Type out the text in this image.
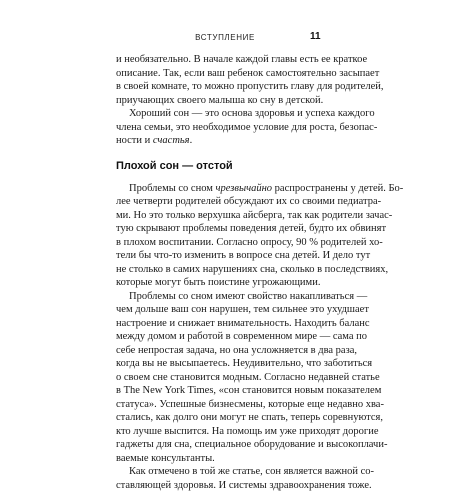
ВСТУПЛЕНИЕ	11
и необязательно. В начале каждой главы есть ее краткое
описание. Так, если ваш ребенок самостоятельно засыпает
в своей комнате, то можно пропустить главу для родителей,
приучающих своего малыша ко сну в детской.
Хороший сон — это основа здоровья и успеха каждого
члена семьи, это необходимое условие для роста, безопас-
ности и счастья.
Плохой сон — отстой
Проблемы со сном чрезвычайно распространены у детей. Бо-
лее четверти родителей обсуждают их со своими педиатра-
ми. Но это только верхушка айсберга, так как родители зачас-
тую скрывают проблемы поведения детей, будто их обвинят
в плохом воспитании. Согласно опросу, 90 % родителей хо-
тели бы что-то изменить в вопросе сна детей. И дело тут
не столько в самих нарушениях сна, сколько в последствиях,
которые могут быть поистине угрожающими.
Проблемы со сном имеют свойство накапливаться —
чем дольше ваш сон нарушен, тем сильнее это ухудшает
настроение и снижает внимательность. Находить баланс
между домом и работой в современном мире — сама по
себе непростая задача, но она усложняется в два раза,
когда вы не высыпаетесь. Неудивительно, что заботиться
о своем сне становится модным. Согласно недавней статье
в The New York Times, «сон становится новым показателем
статуса». Успешные бизнесмены, которые еще недавно хва-
стались, как долго они могут не спать, теперь соревнуются,
кто лучше выспится. На помощь им уже приходят дорогие
гаджеты для сна, специальное оборудование и высокоплачи-
ваемые консультанты.
Как отмечено в той же статье, сон является важной со-
ставляющей здоровья. И системы здравоохранения тоже.
